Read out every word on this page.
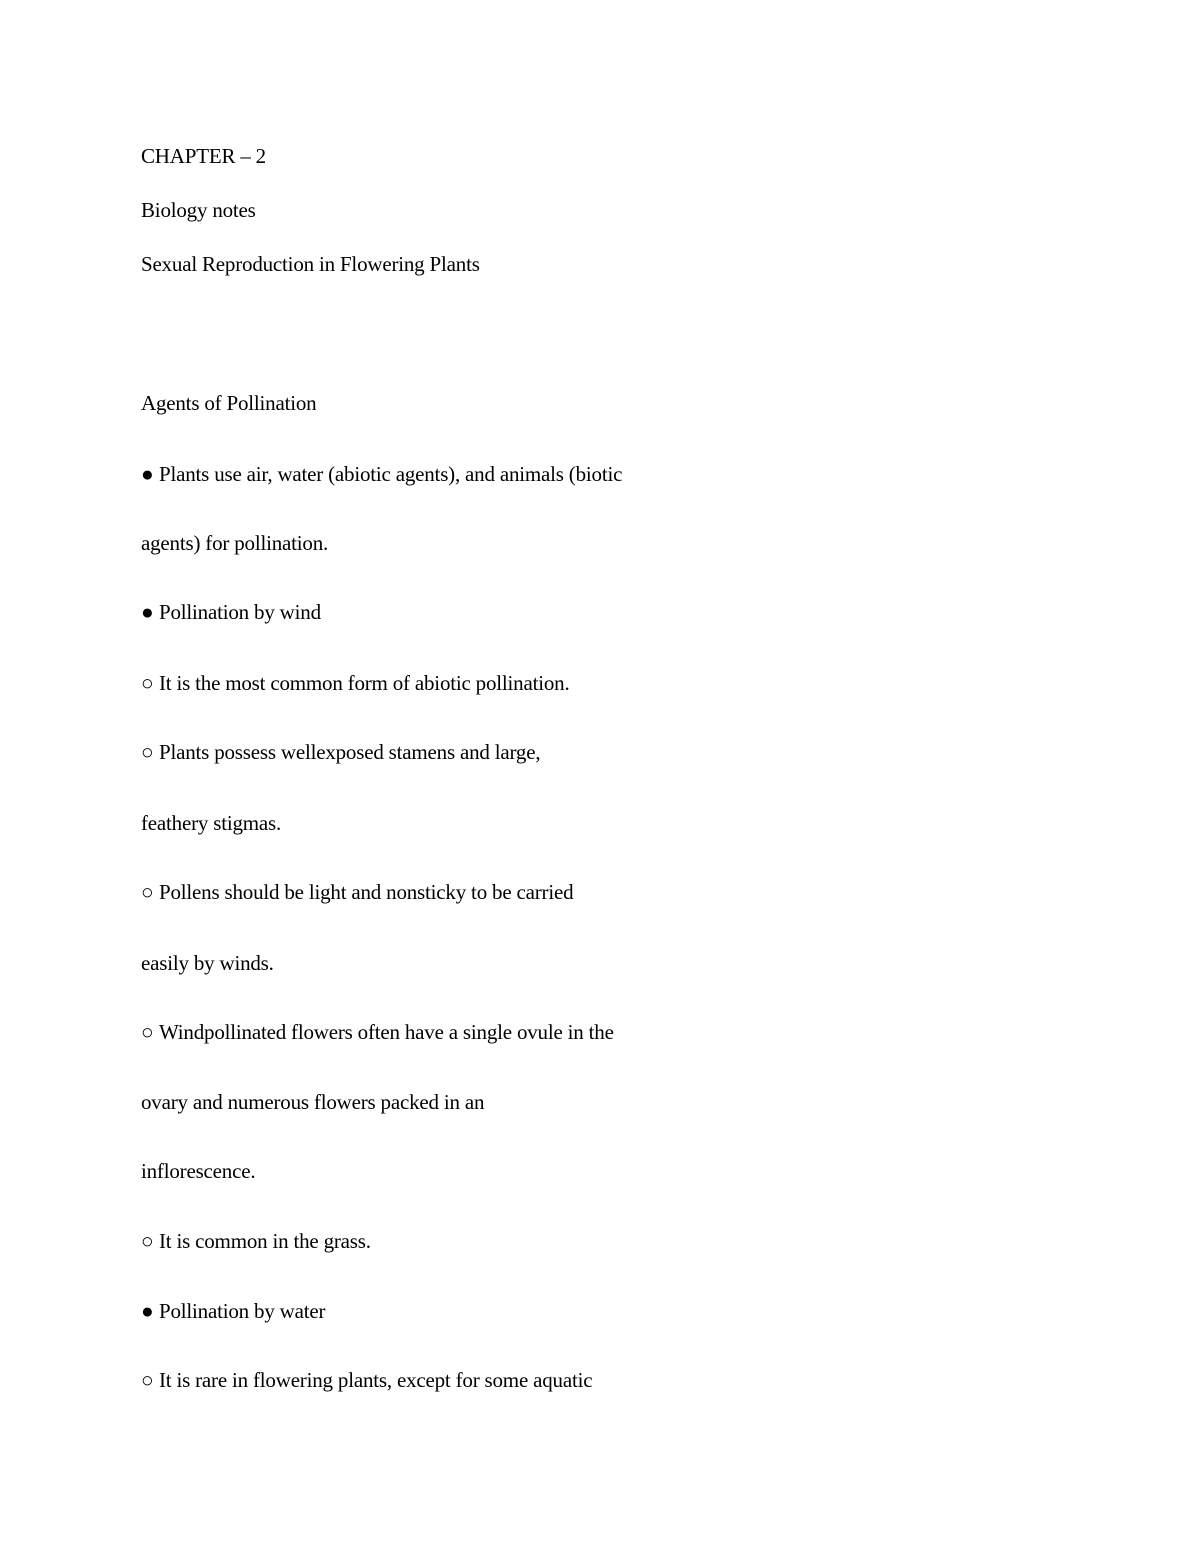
CHAPTER – 2
Biology notes
Sexual Reproduction in Flowering Plants
Agents of Pollination
● Plants use air, water (abiotic agents), and animals (biotic
agents) for pollination.
● Pollination by wind
○ It is the most common form of abiotic pollination.
○ Plants possess wellexposed stamens and large,
feathery stigmas.
○ Pollens should be light and nonsticky to be carried
easily by winds.
○ Windpollinated flowers often have a single ovule in the
ovary and numerous flowers packed in an
inflorescence.
○ It is common in the grass.
● Pollination by water
○ It is rare in flowering plants, except for some aquatic
